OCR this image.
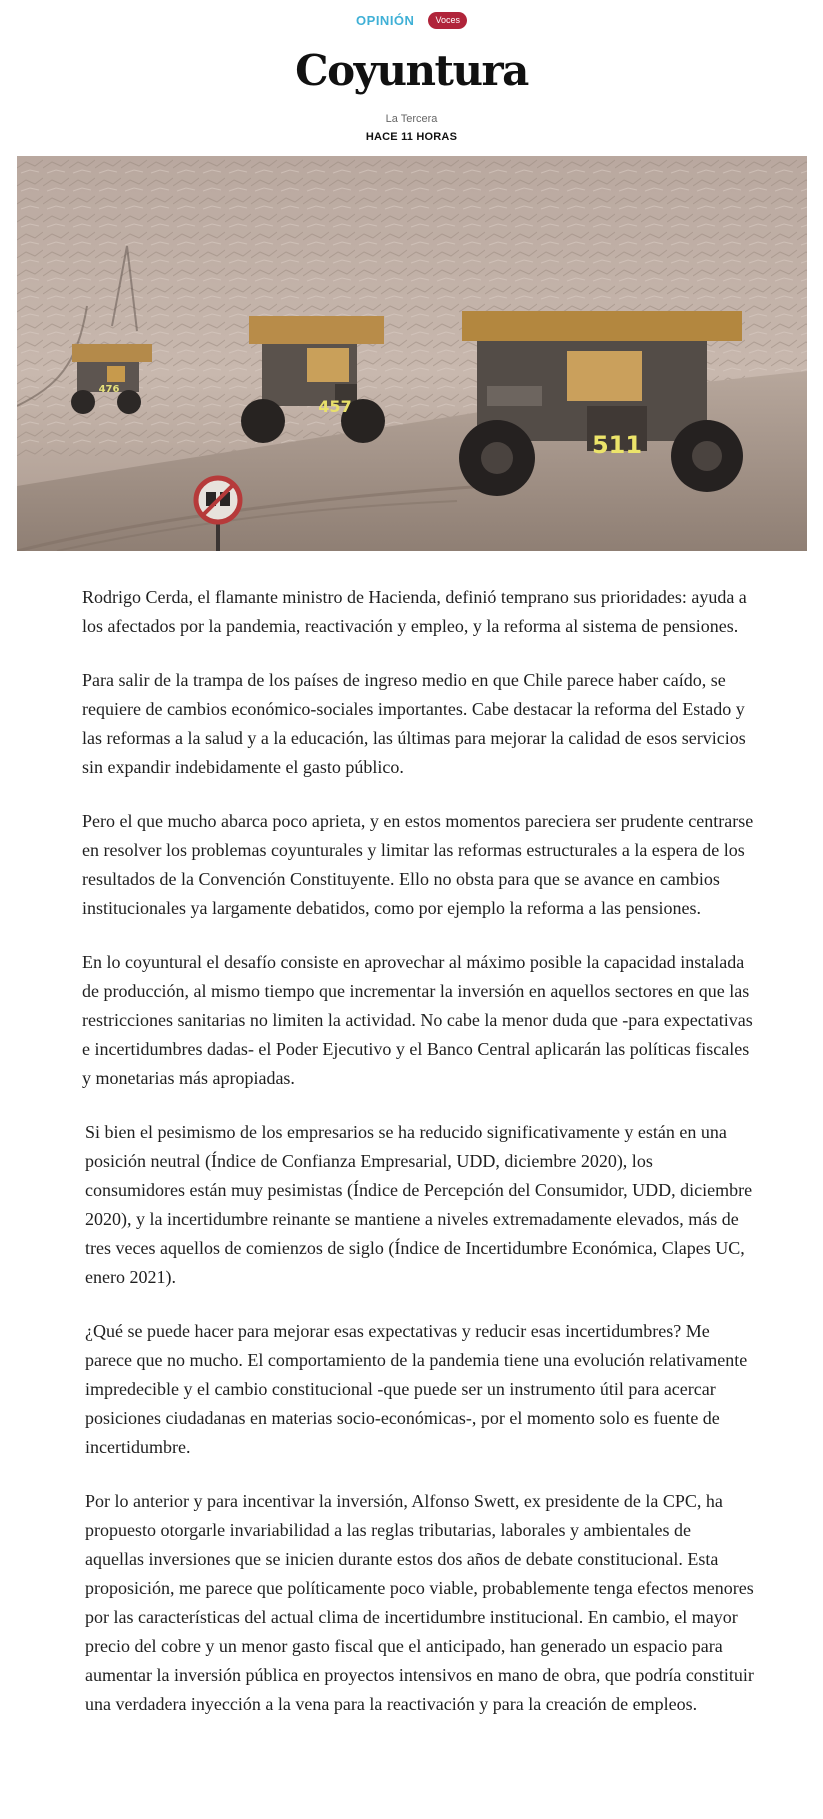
OPINIÓN	Voces
Coyuntura
La Tercera
HACE 11 HORAS
476
457
511

Rodrigo Cerda, el flamante ministro de Hacienda, definió temprano sus prioridades: ayuda a los afectados por la pandemia, reactivación y empleo, y la reforma al sistema de pensiones.

Para salir de la trampa de los países de ingreso medio en que Chile parece haber caído, se requiere de cambios económico-sociales importantes. Cabe destacar la reforma del Estado y las reformas a la salud y a la educación, las últimas para mejorar la calidad de esos servicios sin expandir indebidamente el gasto público.

Pero el que mucho abarca poco aprieta, y en estos momentos pareciera ser prudente centrarse en resolver los problemas coyunturales y limitar las reformas estructurales a la espera de los resultados de la Convención Constituyente. Ello no obsta para que se avance en cambios institucionales ya largamente debatidos, como por ejemplo la reforma a las pensiones.

En lo coyuntural el desafío consiste en aprovechar al máximo posible la capacidad instalada de producción, al mismo tiempo que incrementar la inversión en aquellos sectores en que las restricciones sanitarias no limiten la actividad. No cabe la menor duda que -para expectativas e incertidumbres dadas- el Poder Ejecutivo y el Banco Central aplicarán las políticas fiscales y monetarias más apropiadas.

Si bien el pesimismo de los empresarios se ha reducido significativamente y están en una posición neutral (Índice de Confianza Empresarial, UDD, diciembre 2020), los consumidores están muy pesimistas (Índice de Percepción del Consumidor, UDD, diciembre 2020), y la incertidumbre reinante se mantiene a niveles extremadamente elevados, más de tres veces aquellos de comienzos de siglo (Índice de Incertidumbre Económica, Clapes UC, enero 2021).

¿Qué se puede hacer para mejorar esas expectativas y reducir esas incertidumbres? Me parece que no mucho. El comportamiento de la pandemia tiene una evolución relativamente impredecible y el cambio constitucional -que puede ser un instrumento útil para acercar posiciones ciudadanas en materias socio-económicas-, por el momento solo es fuente de incertidumbre.

Por lo anterior y para incentivar la inversión, Alfonso Swett, ex presidente de la CPC, ha propuesto otorgarle invariabilidad a las reglas tributarias, laborales y ambientales de aquellas inversiones que se inicien durante estos dos años de debate constitucional. Esta proposición, me parece que políticamente poco viable, probablemente tenga efectos menores por las características del actual clima de incertidumbre institucional. En cambio, el mayor precio del cobre y un menor gasto fiscal que el anticipado, han generado un espacio para aumentar la inversión pública en proyectos intensivos en mano de obra, que podría constituir una verdadera inyección a la vena para la reactivación y para la creación de empleos.
